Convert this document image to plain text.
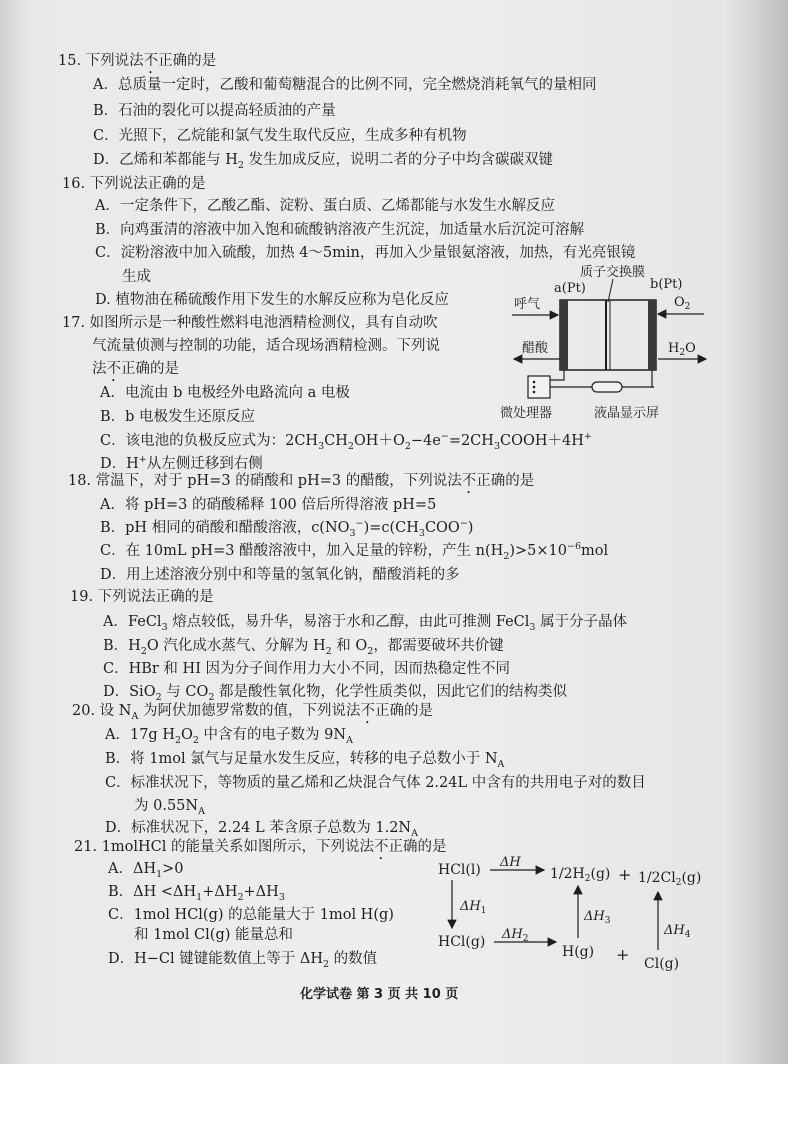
15. 下列说法不正确的是
A．总质量一定时，乙酸和葡萄糖混合的比例不同，完全燃烧消耗氧气的量相同
B．石油的裂化可以提高轻质油的产量
C．光照下，乙烷能和氯气发生取代反应，生成多种有机物
D．乙烯和苯都能与 $H_2$ 发生加成反应，说明二者的分子中均含碳碳双键
16. 下列说法正确的是
A．一定条件下，乙酸乙酯、淀粉、蛋白质、乙烯都能与水发生水解反应
B．向鸡蛋清的溶液中加入饱和硫酸钠溶液产生沉淀，加适量水后沉淀可溶解
C．淀粉溶液中加入硫酸，加热 4～5min，再加入少量银氨溶液，加热，有光亮银镜
生成
D. 植物油在稀硫酸作用下发生的水解反应称为皂化反应
17. 如图所示是一种酸性燃料电池酒精检测仪，具有自动吹
气流量侦测与控制的功能，适合现场酒精检测。下列说
法不正确的是
A．电流由 b 电极经外电路流向 a 电极
B．b 电极发生还原反应
C．该电池的负极反应式为：$2CH_3CH_2OH+O_2-4e^-=2CH_3COOH+4H^+$
D．H+从左侧迁移到右侧
质子交换膜
a(Pt)	b(Pt)
呼气
醋酸
$O_2$
$H_2O$
微处理器	液晶显示屏
18. 常温下，对于 pH=3 的硝酸和 pH=3 的醋酸，下列说法不正确的是
A．将 pH=3 的硝酸稀释 100 倍后所得溶液 pH=5
B．pH 相同的硝酸和醋酸溶液，$c(NO_3^-)=c(CH_3COO^-)$
C．在 10mL pH=3 醋酸溶液中，加入足量的锌粉，产生 $n(H_2)>5\times 10^{-6}mol$
D．用上述溶液分别中和等量的氢氧化钠，醋酸消耗的多
19. 下列说法正确的是
A．FeCl$_3$ 熔点较低，易升华，易溶于水和乙醇，由此可推测 FeCl$_3$ 属于分子晶体
B．$H_2O$ 汽化成水蒸气、分解为 $H_2$ 和 $O_2$，都需要破坏共价键
C．HBr 和 HI 因为分子间作用力大小不同，因而热稳定性不同
D．SiO$_2$ 与 $CO_2$ 都是酸性氧化物，化学性质类似，因此它们的结构类似
20. 设 $N_A$ 为阿伏加德罗常数的值，下列说法不正确的是
A．17g $H_2O_2$ 中含有的电子数为 $9N_A$
B．将 1mol 氯气与足量水发生反应，转移的电子总数小于 $N_A$
C．标准状况下，等物质的量乙烯和乙炔混合气体 2.24L 中含有的共用电子对的数目
为 $0.55N_A$
D．标准状况下，2.24 L 苯含原子总数为 $1.2N_A$
21. 1molHCl 的能量关系如图所示，下列说法不正确的是
A．$\Delta H_1>0$
B．$\Delta H <\Delta H_1+\Delta H_2+\Delta H_3$
C．1mol HCl(g) 的总能量大于 1mol H(g)
和 1mol Cl(g) 能量总和
D．H−Cl 键键能数值上等于 $\Delta H_2$ 的数值
HCl(l) ΔH
$1/2H_2(g) + 1/2Cl_2(g)$
$\Delta H_1$	$\Delta H_3$
$\Delta H_4$
HCl(g) $\Delta H_2$
H(g) + Cl(g)
化学试卷 第 3 页 共 10 页
